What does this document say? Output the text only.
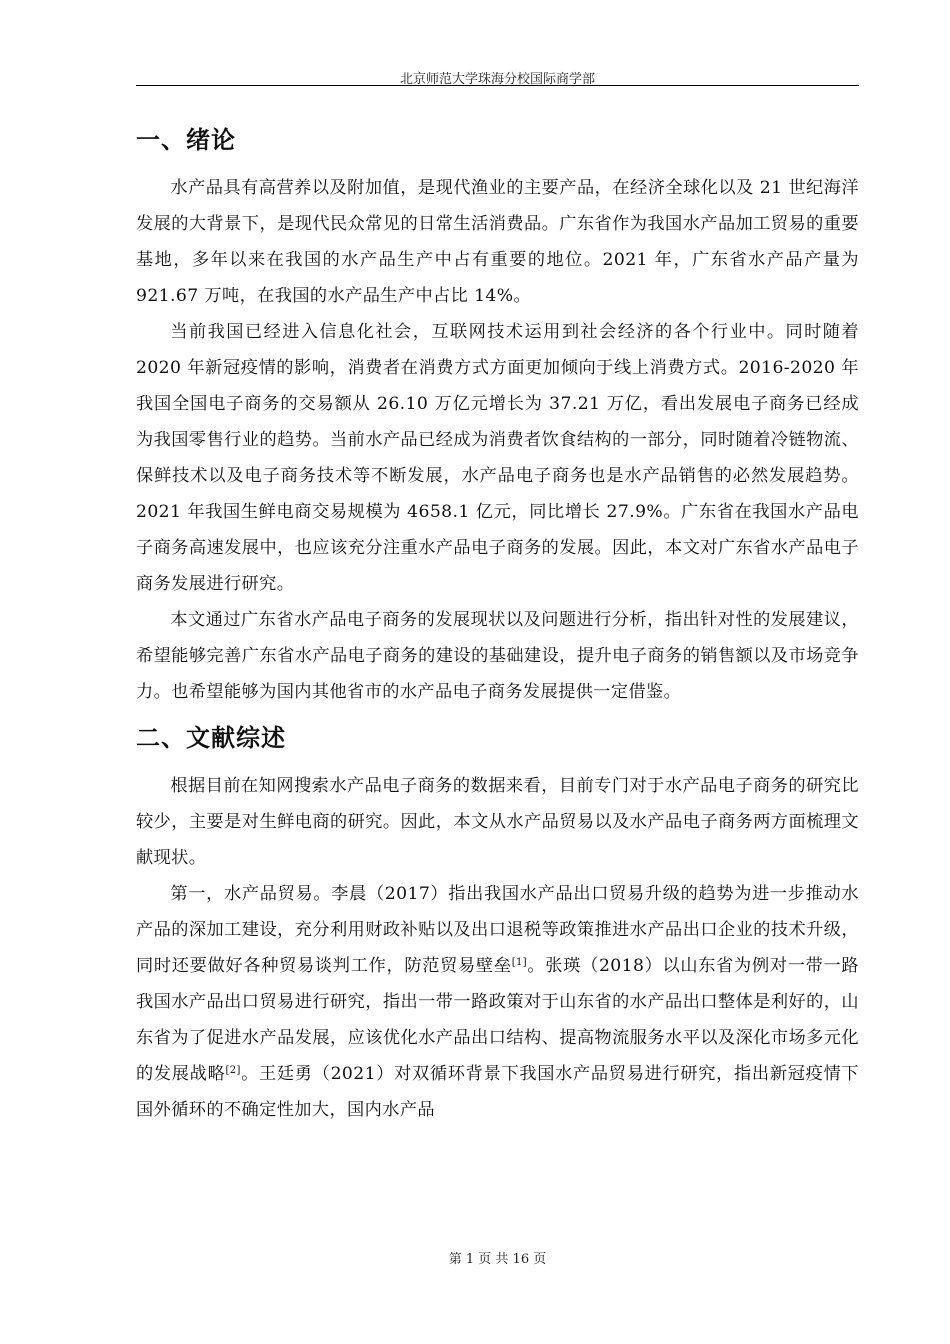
北京师范大学珠海分校国际商学部
一、绪论

水产品具有高营养以及附加值，是现代渔业的主要产品，在经济全球化以及 21 世纪海洋发展的大背景下，是现代民众常见的日常生活消费品。广东省作为我国水产品加工贸易的重要基地，多年以来在我国的水产品生产中占有重要的地位。2021 年，广东省水产品产量为 921.67 万吨，在我国的水产品生产中占比 14%。

当前我国已经进入信息化社会，互联网技术运用到社会经济的各个行业中。同时随着 2020 年新冠疫情的影响，消费者在消费方式方面更加倾向于线上消费方式。2016-2020 年我国全国电子商务的交易额从 26.10 万亿元增长为 37.21 万亿，看出发展电子商务已经成为我国零售行业的趋势。当前水产品已经成为消费者饮食结构的一部分，同时随着冷链物流、保鲜技术以及电子商务技术等不断发展，水产品电子商务也是水产品销售的必然发展趋势。2021 年我国生鲜电商交易规模为 4658.1 亿元，同比增长 27.9%。广东省在我国水产品电子商务高速发展中，也应该充分注重水产品电子商务的发展。因此，本文对广东省水产品电子商务发展进行研究。

本文通过广东省水产品电子商务的发展现状以及问题进行分析，指出针对性的发展建议，希望能够完善广东省水产品电子商务的建设的基础建设，提升电子商务的销售额以及市场竞争力。也希望能够为国内其他省市的水产品电子商务发展提供一定借鉴。

二、文献综述

根据目前在知网搜索水产品电子商务的数据来看，目前专门对于水产品电子商务的研究比较少，主要是对生鲜电商的研究。因此，本文从水产品贸易以及水产品电子商务两方面梳理文献现状。

第一，水产品贸易。李晨（2017）指出我国水产品出口贸易升级的趋势为进一步推动水产品的深加工建设，充分利用财政补贴以及出口退税等政策推进水产品出口企业的技术升级，同时还要做好各种贸易谈判工作，防范贸易壁垒[1]。张瑛（2018）以山东省为例对一带一路我国水产品出口贸易进行研究，指出一带一路政策对于山东省的水产品出口整体是利好的，山东省为了促进水产品发展，应该优化水产品出口结构、提高物流服务水平以及深化市场多元化的发展战略[2]。王廷勇（2021）对双循环背景下我国水产品贸易进行研究，指出新冠疫情下国外循环的不确定性加大，国内水产品

第 1 页 共 16 页
